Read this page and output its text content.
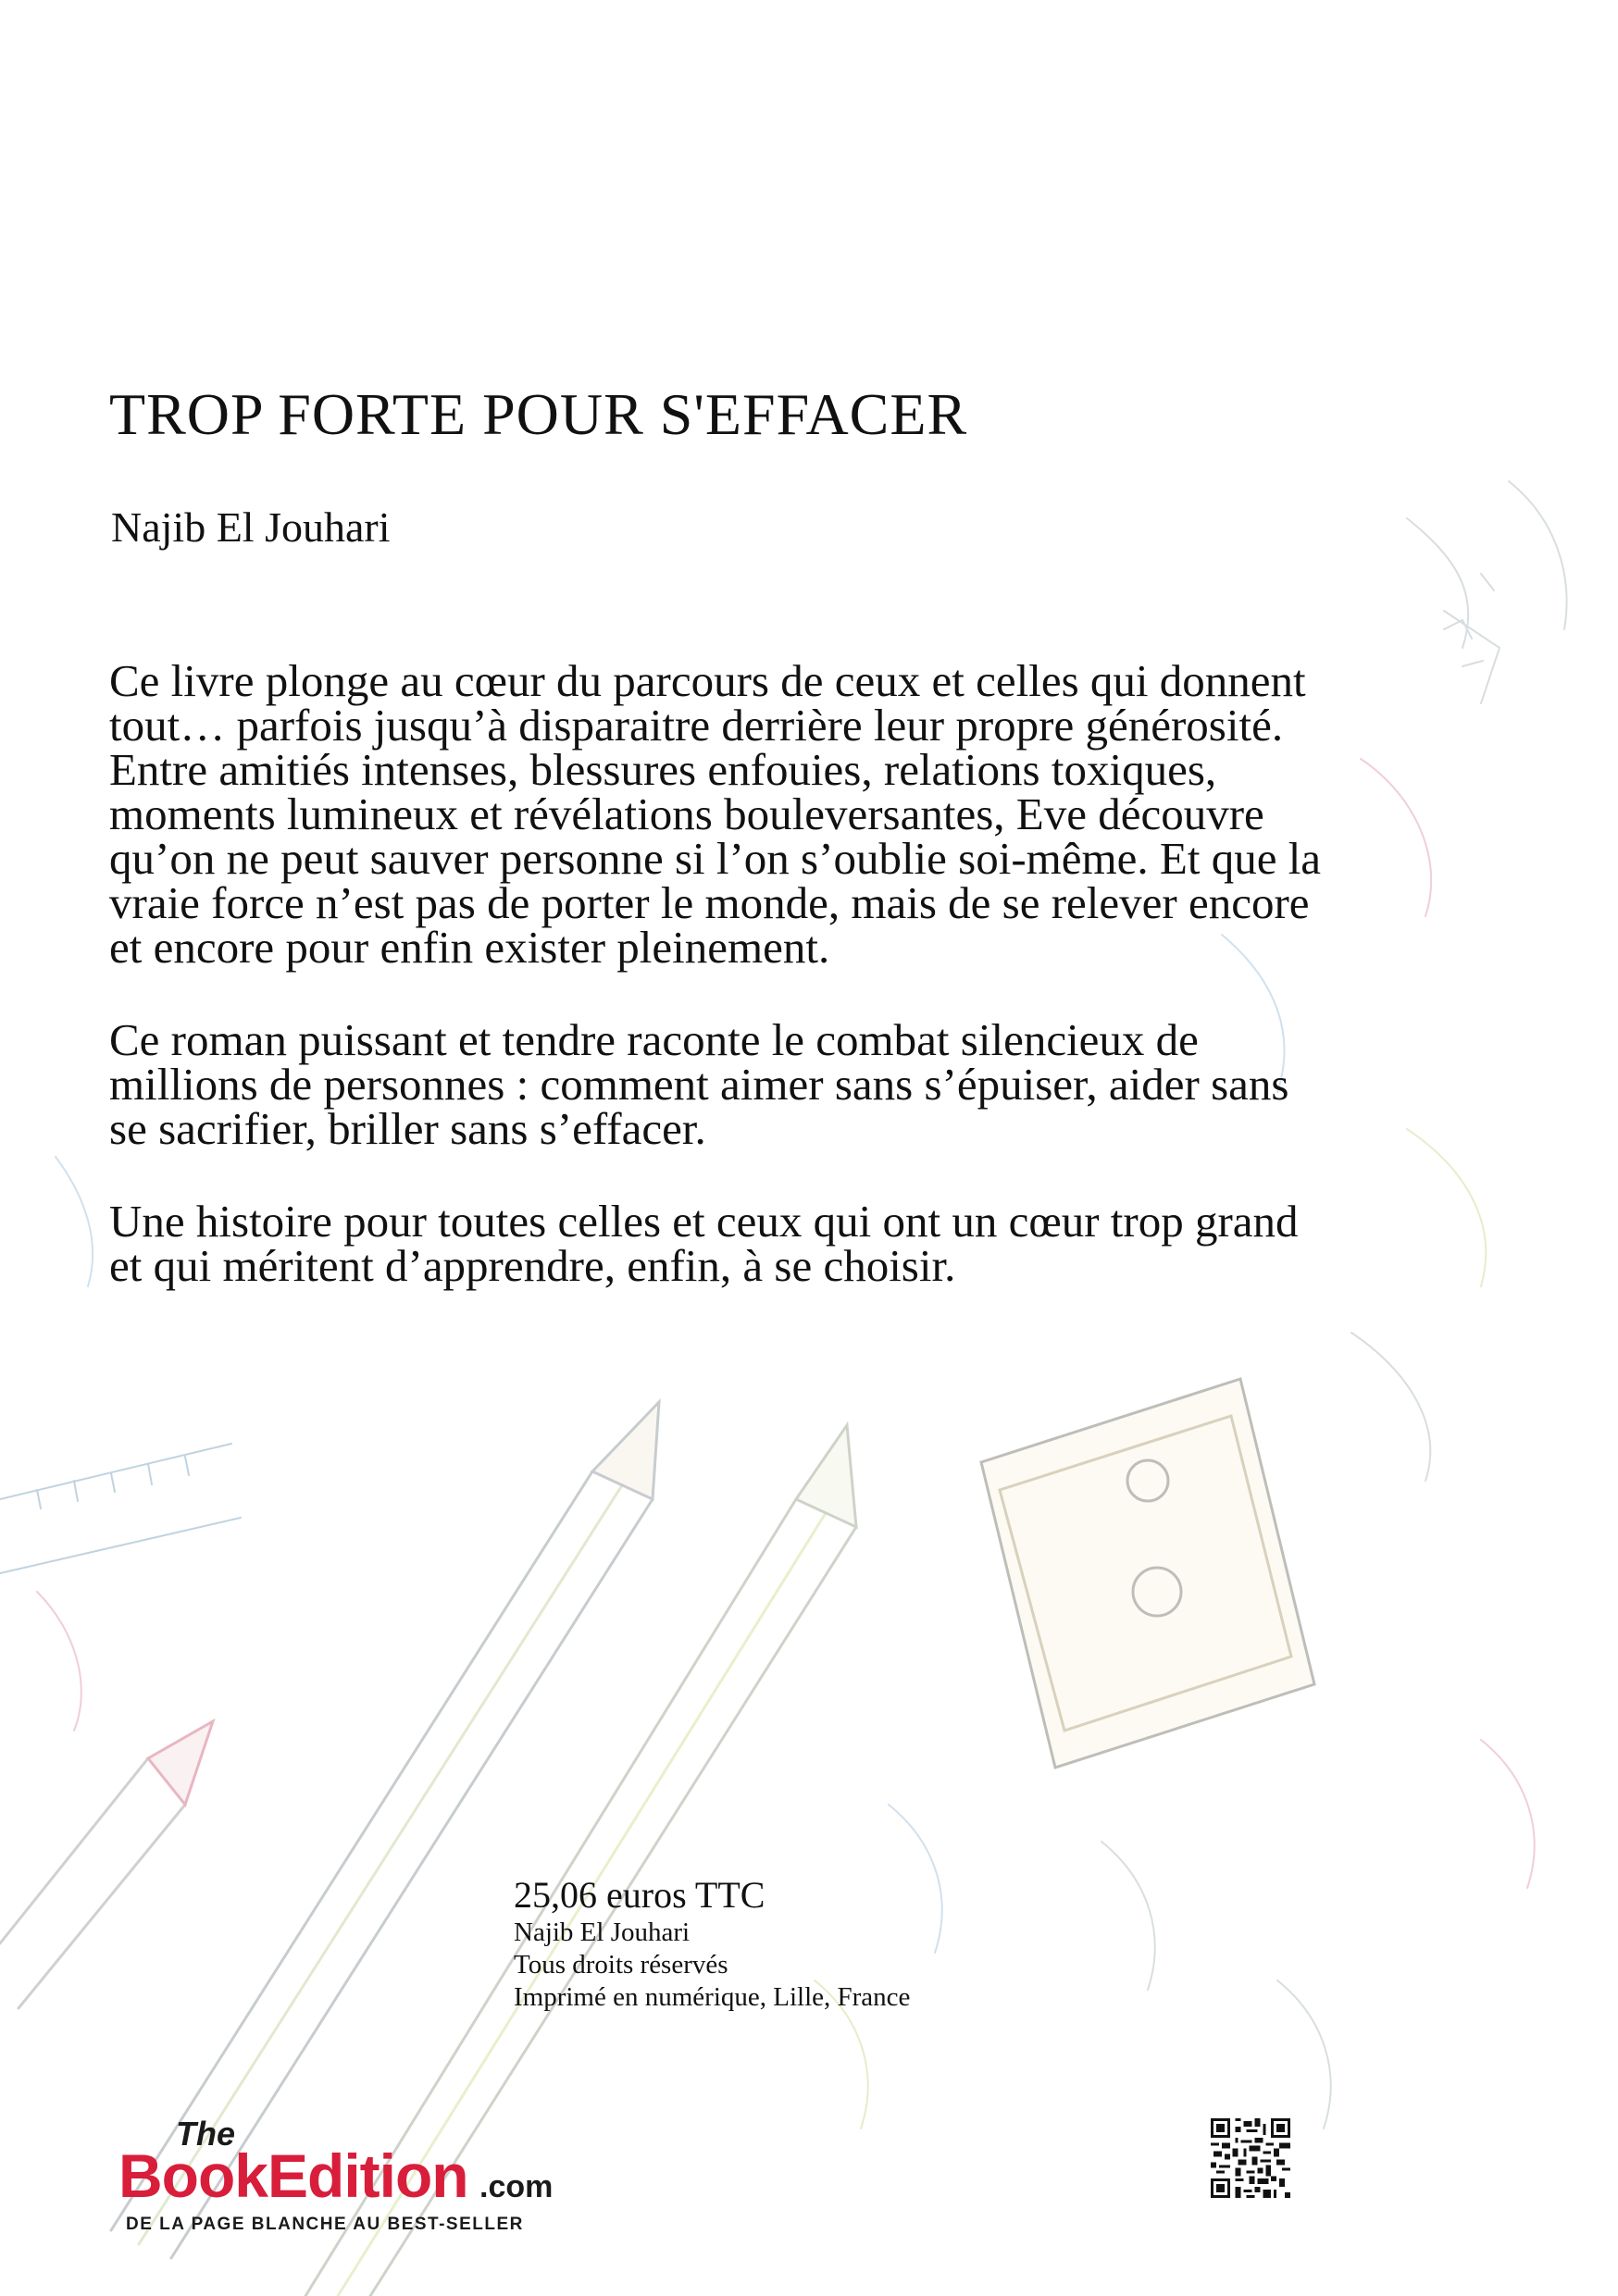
TROP FORTE POUR S'EFFACER
Najib El Jouhari

Ce livre plonge au cœur du parcours de ceux et celles qui donnent tout… parfois jusqu’à disparaitre derrière leur propre générosité. Entre amitiés intenses, blessures enfouies, relations toxiques, moments lumineux et révélations bouleversantes, Eve découvre qu’on ne peut sauver personne si l’on s’oublie soi-même. Et que la vraie force n’est pas de porter le monde, mais de se relever encore et encore pour enfin exister pleinement.

Ce roman puissant et tendre raconte le combat silencieux de millions de personnes : comment aimer sans s’épuiser, aider sans se sacrifier, briller sans s’effacer.

Une histoire pour toutes celles et ceux qui ont un cœur trop grand et qui méritent d’apprendre, enfin, à se choisir.

25,06 euros TTC
Najib El Jouhari
Tous droits réservés
Imprimé en numérique, Lille, France
The
BookEdition .com
DE LA PAGE BLANCHE AU BEST-SELLER
